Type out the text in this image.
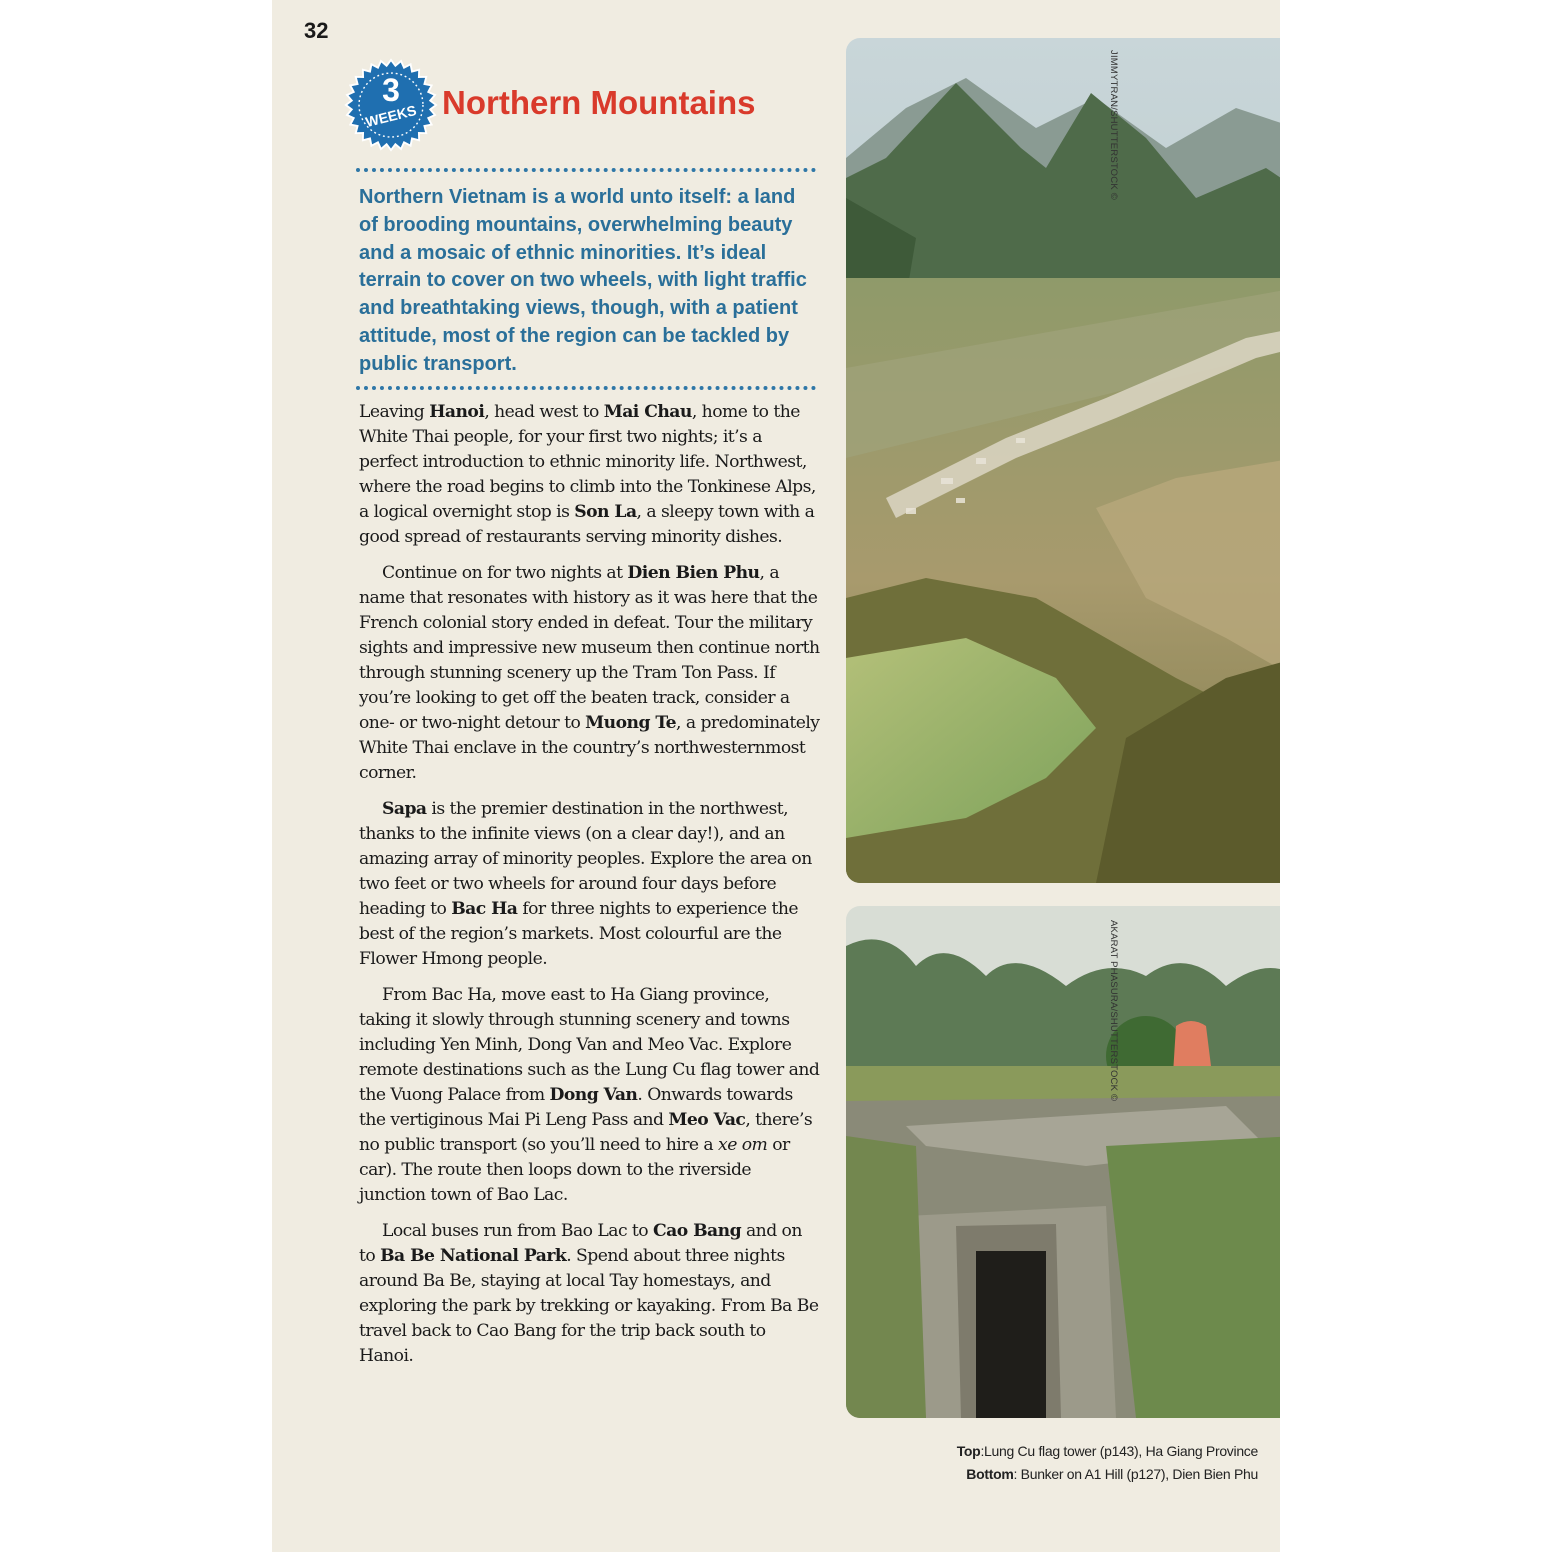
32
3
WEEKS Northern Mountains

Northern Vietnam is a world unto itself: a land of brooding mountains, overwhelming beauty and a mosaic of ethnic minorities. It’s ideal terrain to cover on two wheels, with light traffic and breathtaking views, though, with a patient attitude, most of the region can be tackled by public transport.

Leaving Hanoi, head west to Mai Chau, home to the White Thai people, for your first two nights; it’s a perfect introduction to ethnic minority life. Northwest, where the road begins to climb into the Tonkinese Alps, a logical overnight stop is Son La, a sleepy town with a good spread of restaurants serving minority dishes.

Continue on for two nights at Dien Bien Phu, a name that resonates with history as it was here that the French colonial story ended in defeat. Tour the military sights and impressive new museum then continue north through stunning scenery up the Tram Ton Pass. If you’re looking to get off the beaten track, consider a one- or two-night detour to Muong Te, a predominately White Thai enclave in the country’s northwesternmost corner.

Sapa is the premier destination in the northwest, thanks to the infinite views (on a clear day!), and an amazing array of minority peoples. Explore the area on two feet or two wheels for around four days before heading to Bac Ha for three nights to experience the best of the region’s markets. Most colourful are the Flower Hmong people.

From Bac Ha, move east to Ha Giang province, taking it slowly through stunning scenery and towns including Yen Minh, Dong Van and Meo Vac. Explore remote destinations such as the Lung Cu flag tower and the Vuong Palace from Dong Van. Onwards towards the vertiginous Mai Pi Leng Pass and Meo Vac, there’s no public transport (so you’ll need to hire a xe om or car). The route then loops down to the riverside junction town of Bao Lac.

Local buses run from Bao Lac to Cao Bang and on to Ba Be National Park. Spend about three nights around Ba Be, staying at local Tay homestays, and exploring the park by trekking or kayaking. From Ba Be travel back to Cao Bang for the trip back south to Hanoi.

JIMMYTRAN/SHUTTERSTOCK ©
AKARAT PHASURA/SHUTTERSTOCK ©
Top:Lung Cu flag tower (p143), Ha Giang Province
Bottom: Bunker on A1 Hill (p127), Dien Bien Phu
